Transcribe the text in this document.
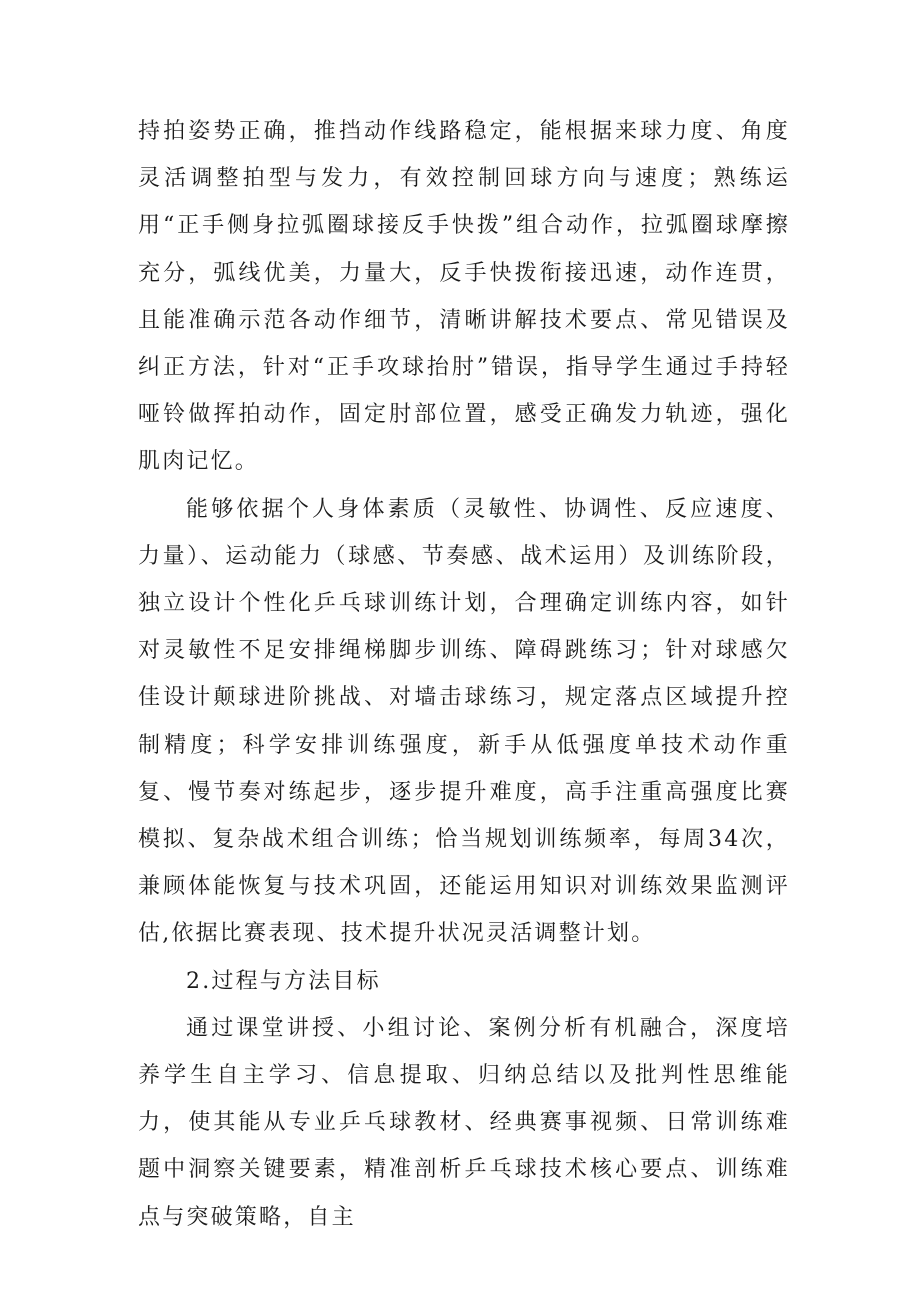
持拍姿势正确，推挡动作线路稳定，能根据来球力度、角度灵活调整拍型与发力，有效控制回球方向与速度；熟练运用“正手侧身拉弧圈球接反手快拨”组合动作，拉弧圈球摩擦充分，弧线优美，力量大，反手快拨衔接迅速，动作连贯，且能准确示范各动作细节，清晰讲解技术要点、常见错误及纠正方法，针对“正手攻球抬肘”错误，指导学生通过手持轻哑铃做挥拍动作，固定肘部位置，感受正确发力轨迹，强化肌肉记忆。

能够依据个人身体素质（灵敏性、协调性、反应速度、力量）、运动能力（球感、节奏感、战术运用）及训练阶段，独立设计个性化乒乓球训练计划，合理确定训练内容，如针对灵敏性不足安排绳梯脚步训练、障碍跳练习；针对球感欠佳设计颠球进阶挑战、对墙击球练习，规定落点区域提升控制精度；科学安排训练强度，新手从低强度单技术动作重复、慢节奏对练起步，逐步提升难度，高手注重高强度比赛模拟、复杂战术组合训练；恰当规划训练频率，每周34次，兼顾体能恢复与技术巩固，还能运用知识对训练效果监测评估,依据比赛表现、技术提升状况灵活调整计划。

2.过程与方法目标

通过课堂讲授、小组讨论、案例分析有机融合，深度培养学生自主学习、信息提取、归纳总结以及批判性思维能力，使其能从专业乒乓球教材、经典赛事视频、日常训练难题中洞察关键要素，精准剖析乒乓球技术核心要点、训练难点与突破策略，自主
